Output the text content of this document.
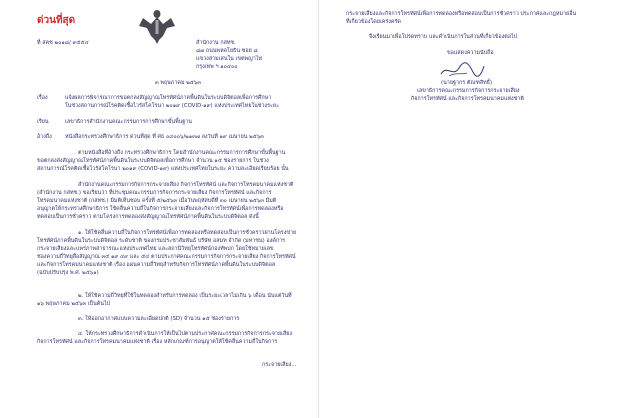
ด่วนที่สุด
ที่ สคช ๒๐๑๘/ ๙๕๕๔	สำนักงาน กสทช.
๘๗ ถนนพหลโยธิน ซอย ๘
แขวงสามเสนใน เขตพญาไท
กรุงเทพ ฯ ๑๐๔๐๐
๓ พฤษภาคม ๒๕๖๓
เรื่อง	แจ้งผลการพิจารณาการขอตกลงสัญญาณโทรทัศน์ภาคพื้นดินในระบบดิจิตอลเพื่อการศึกษา
ในช่วงสถานการณ์โรคติดเชื้อไวรัสโคโรนา ๒๐๑๙ (COVID-๑๙) แห่งประเทศไทยในช่วงระยะ
เรียน	เลขาธิการสำนักงานคณะกรรมการการศึกษาขั้นพื้นฐาน
อ้างถึง หนังสือกระทรวงศึกษาธิการ ด่วนที่สุด ที่ ศธ ๐๔๐๐๖/๒๑๓๗ ลงวันที่ ๑๙ เมษายน ๒๕๖๓
ตามหนังสือที่อ้างถึง กระทรวงศึกษาธิการ โดยสำนักงานคณะกรรมการการศึกษาขั้นพื้นฐาน
ขอตกลงส่งสัญญาณโทรทัศน์ภาคพื้นดินในระบบดิจิตอลเพื่อการศึกษา จำนวน ๑๕ ช่องรายการ ในช่วง
สถานการณ์โรคติดเชื้อไวรัสโคโรนา ๒๐๑๙ (COVID-๑๙) แห่งประเทศไทยในระยะ ความละเอียดเรียบร้อย นั้น
สำนักงานคณะกรรมการกิจการกระจายเสียง กิจการโทรทัศน์ และกิจการโทรคมนาคมแห่งชาติ
(สำนักงาน กสทช.) ขอเรียนว่า ที่ประชุมคณะกรรมการกิจการกระจายเสียง กิจการโทรทัศน์ และกิจการ
โทรคมนาคมแห่งชาติ (กสทช.) มีมติเห็นชอบ ครั้งที่ ๕/๒๕๖๓ เมื่อวันพฤหัสบดีที่ ๓๐ เมษายน ๒๕๖๓ มีมติ
อนุญาตให้กระทรวงศึกษาธิการ ใช้คลื่นความถี่ในกิจการกระจายเสียงและกิจการโทรทัศน์เพื่อการทดลองหรือ
ทดสอบเป็นการชั่วคราว ตามโครงการทดลองส่งสัญญาณโทรทัศน์ภาคพื้นดินในระบบดิจิตอล ดังนี้
๑. ให้ใช้คลื่นความถี่ในกิจการโทรทัศน์เพื่อการทดลองหรือทดสอบเป็นการชั่วคราวผ่านโครงข่าย
โทรทัศน์ภาคพื้นดินในระบบดิจิตอล ระดับชาติ ของกรมประชาสัมพันธ์ บริษัท อสมท จำกัด (มหาชน) องค์การ
กระจายเสียงและแพร่ภาพสาธารณะแห่งประเทศไทย และสถานีวิทยุโทรทัศน์กองทัพบก โดยใช้หมายเลข
ช่องความถี่วิทยุสื่อสัญญาณ ๓๕ ๑๙ ๔๙ และ ๕๔ ตามประกาศคณะกรรมการกิจการกระจายเสียง กิจการโทรทัศน์
และกิจการโทรคมนาคมแห่งชาติ เรื่อง แผนความถี่วิทยุสำหรับกิจการโทรทัศน์ภาคพื้นดินในระบบดิจิตอล
(ฉบับปรับปรุง พ.ศ. ๒๕๖๑)
๒. ให้ใช้ความถี่วิทยุที่ใช้ในทดลองสำหรับการทดลอง เป็นระยะเวลาไม่เกิน ๖ เดือน นับแต่วันที่
๑๖ พฤษภาคม ๒๕๖๓ เป็นต้นไป
๓. ให้ออกอากาศแบบความละเอียดปกติ (SD) จำนวน ๑๕ ช่องรายการ
๔. ให้กระทรวงศึกษาธิการดำเนินการให้เป็นไปตามประกาศคณะกรรมการกิจการกระจายเสียง
กิจการโทรทัศน์ และกิจการโทรคมนาคมแห่งชาติ เรื่อง หลักเกณฑ์การอนุญาตให้ใช้คลื่นความถี่ในกิจการ
กระจายเสียง...
กระจายเสียงและกิจการโทรทัศน์เพื่อการทดลองหรือทดสอบเป็นการชั่วคราว ประกาศและกฎหมายอื่น
ที่เกี่ยวข้องโดยเคร่งครัด
จึงเรียนมาเพื่อโปรดทราบ และดำเนินการในส่วนที่เกี่ยวข้องต่อไป
ขอแสดงความนับถือ
(นายฐากร ตัณฑสิทธิ์)
เลขาธิการคณะกรรมการกิจการกระจายเสียง
กิจการโทรทัศน์ และกิจการโทรคมนาคมแห่งชาติ
